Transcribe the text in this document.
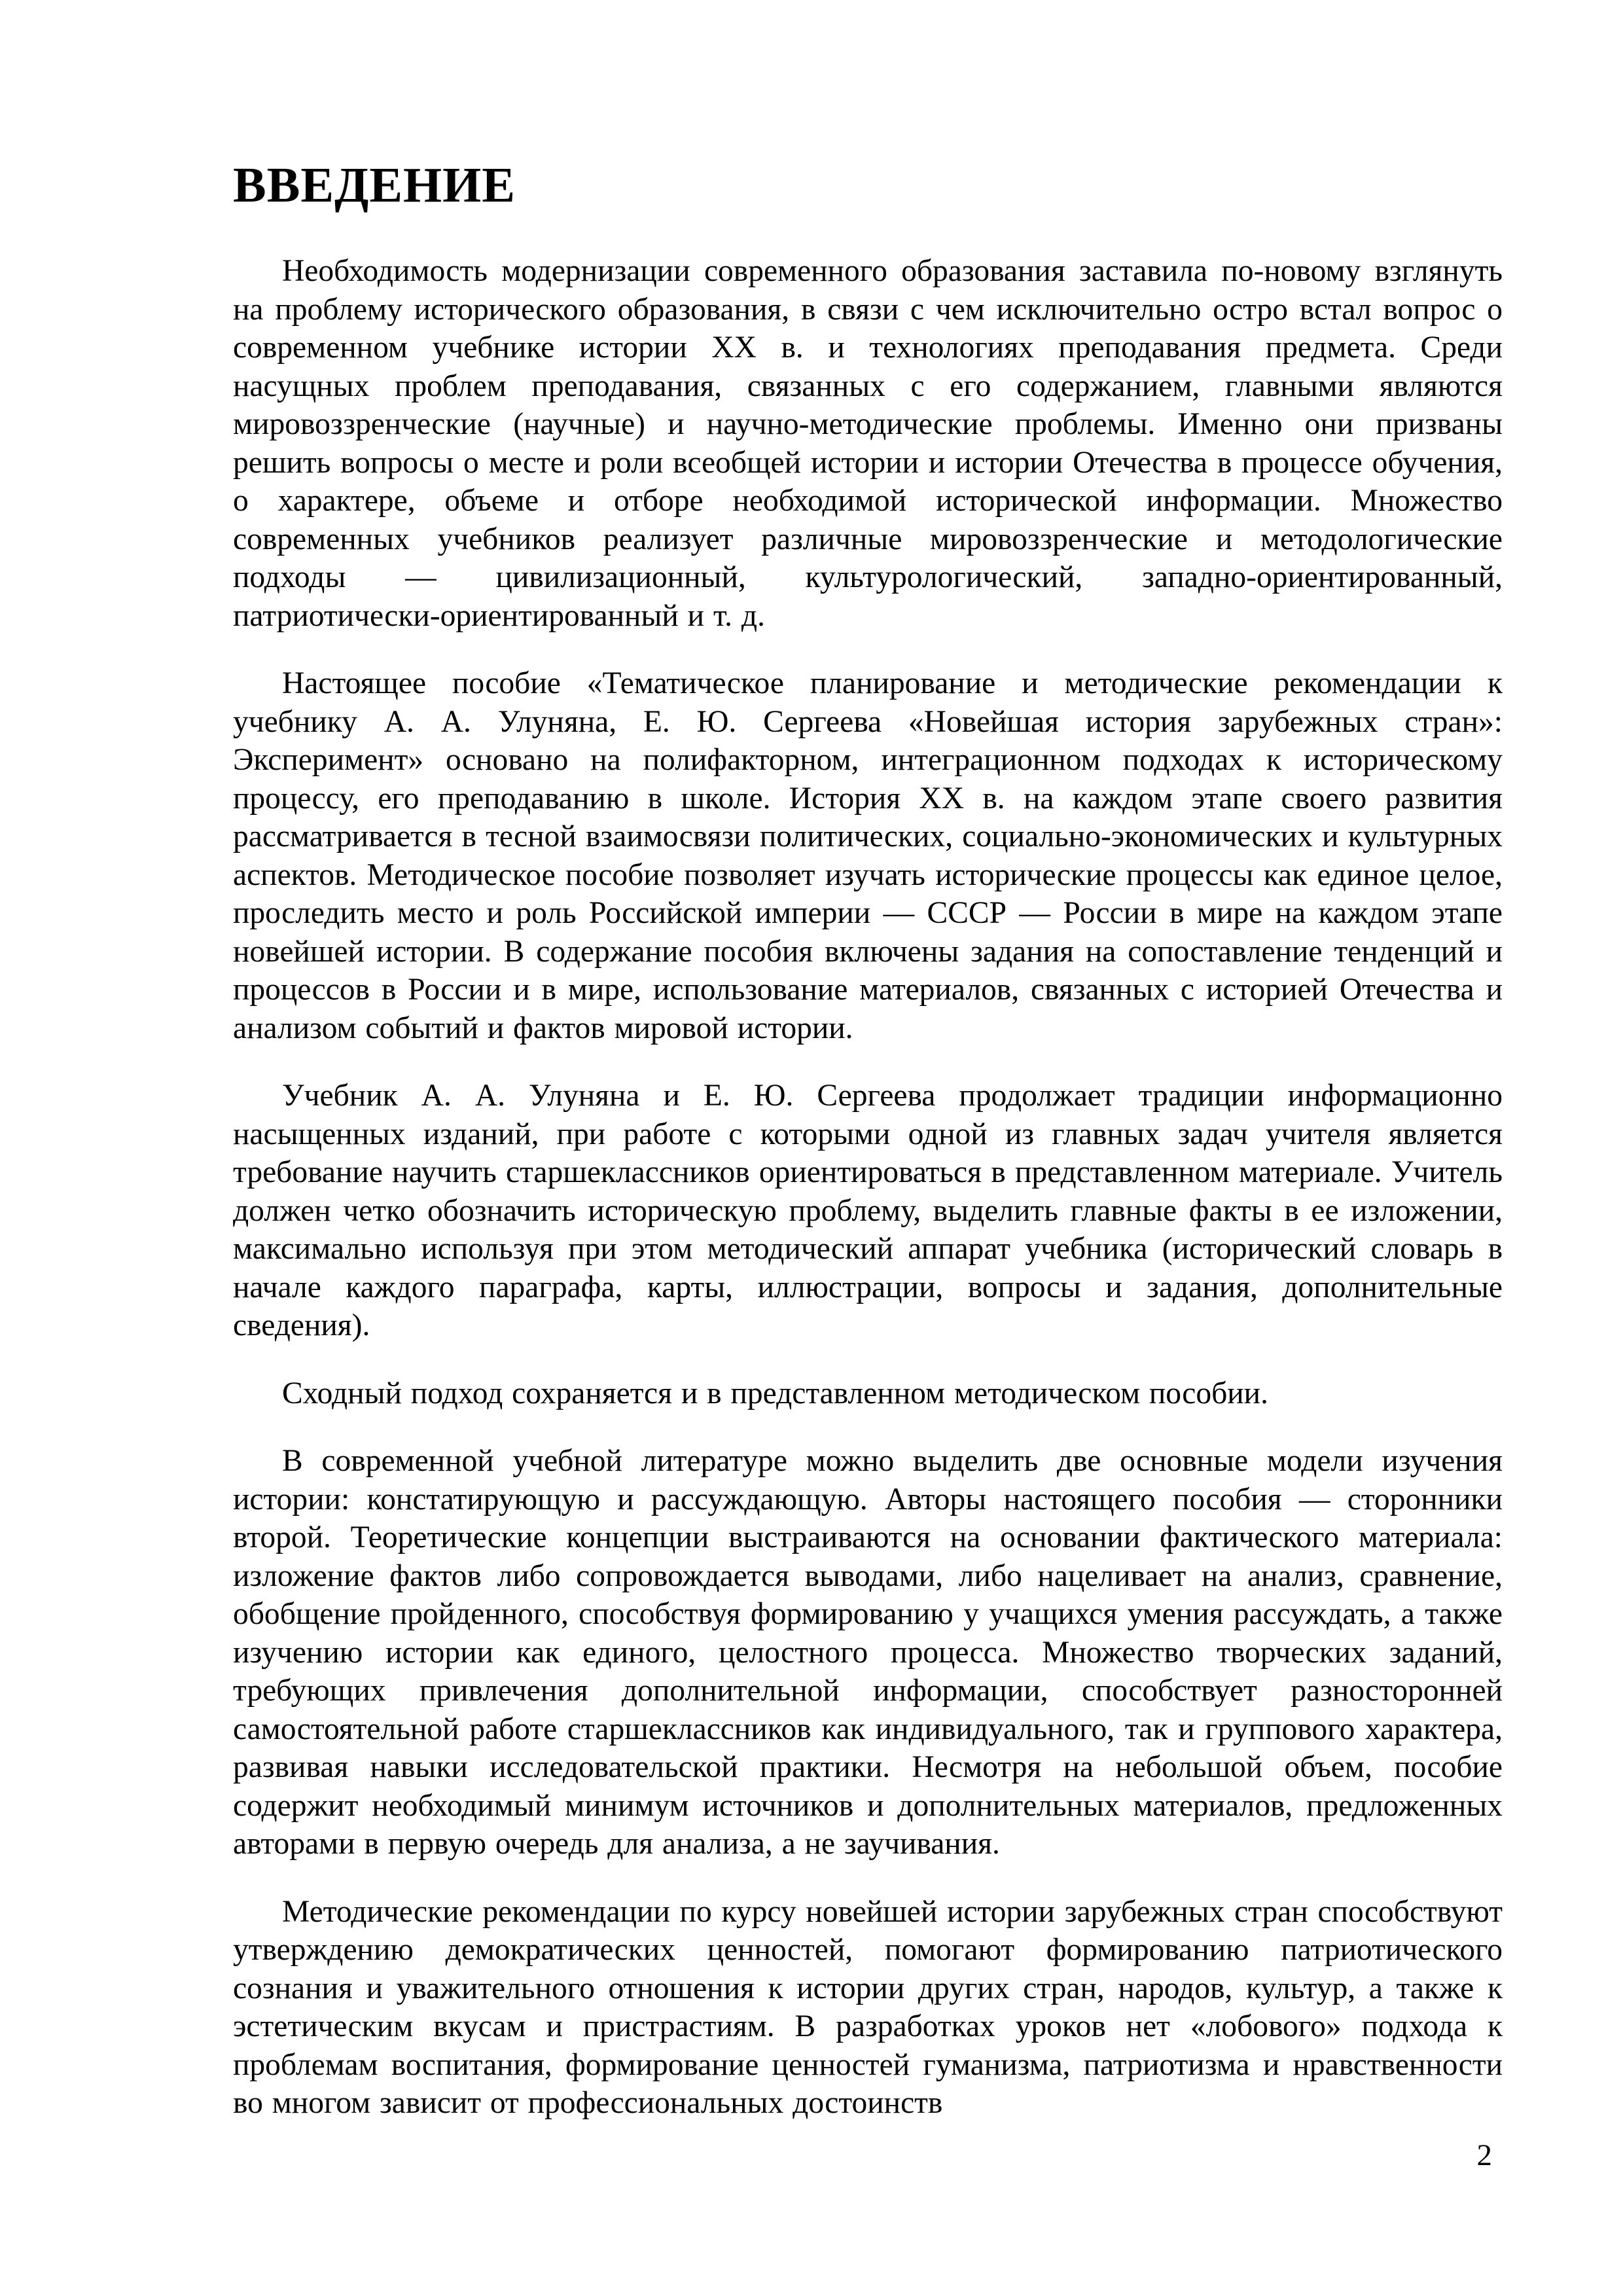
ВВЕДЕНИЕ

Необходимость модернизации современного образования заставила по-новому взглянуть на проблему исторического образования, в связи с чем исключительно остро встал вопрос о современном учебнике истории XX в. и технологиях преподавания предмета. Среди насущных проблем преподавания, связанных с его содержанием, главными являются мировоззренческие (научные) и научно-методические проблемы. Именно они призваны решить вопросы о месте и роли всеобщей истории и истории Отечества в процессе обучения, о характере, объеме и отборе необходимой исторической информации. Множество современных учебников реализует различные мировоззренческие и методологические подходы — цивилизационный, культурологический, западно-ориентированный, патриотически-ориентированный и т. д.

Настоящее пособие «Тематическое планирование и методические рекомендации к учебнику А. А. Улуняна, Е. Ю. Сергеева «Новейшая история зарубежных стран»: Эксперимент» основано на полифакторном, интеграционном подходах к историческому процессу, его преподаванию в школе. История XX в. на каждом этапе своего развития рассматривается в тесной взаимосвязи политических, социально-экономических и культурных аспектов. Методическое пособие позволяет изучать исторические процессы как единое целое, проследить место и роль Российской империи — СССР — России в мире на каждом этапе новейшей истории. В содержание пособия включены задания на сопоставление тенденций и процессов в России и в мире, использование материалов, связанных с историей Отечества и анализом событий и фактов мировой истории.

Учебник А. А. Улуняна и Е. Ю. Сергеева продолжает традиции информационно насыщенных изданий, при работе с которыми одной из главных задач учителя является требование научить старшеклассников ориентироваться в представленном материале. Учитель должен четко обозначить историческую проблему, выделить главные факты в ее изложении, максимально используя при этом методический аппарат учебника (исторический словарь в начале каждого параграфа, карты, иллюстрации, вопросы и задания, дополнительные сведения).

Сходный подход сохраняется и в представленном методическом пособии.

В современной учебной литературе можно выделить две основные модели изучения истории: констатирующую и рассуждающую. Авторы настоящего пособия — сторонники второй. Теоретические концепции выстраиваются на основании фактического материала: изложение фактов либо сопровождается выводами, либо нацеливает на анализ, сравнение, обобщение пройденного, способствуя формированию у учащихся умения рассуждать, а также изучению истории как единого, целостного процесса. Множество творческих заданий, требующих привлечения дополнительной информации, способствует разносторонней самостоятельной работе старшеклассников как индивидуального, так и группового характера, развивая навыки исследовательской практики. Несмотря на небольшой объем, пособие содержит необходимый минимум источников и дополнительных материалов, предложенных авторами в первую очередь для анализа, а не заучивания.

Методические рекомендации по курсу новейшей истории зарубежных стран способствуют утверждению демократических ценностей, помогают формированию патриотического сознания и уважительного отношения к истории других стран, народов, культур, а также к эстетическим вкусам и пристрастиям. В разработках уроков нет «лобового» подхода к проблемам воспитания, формирование ценностей гуманизма, патриотизма и нравственности во многом зависит от профессиональных достоинств

2
